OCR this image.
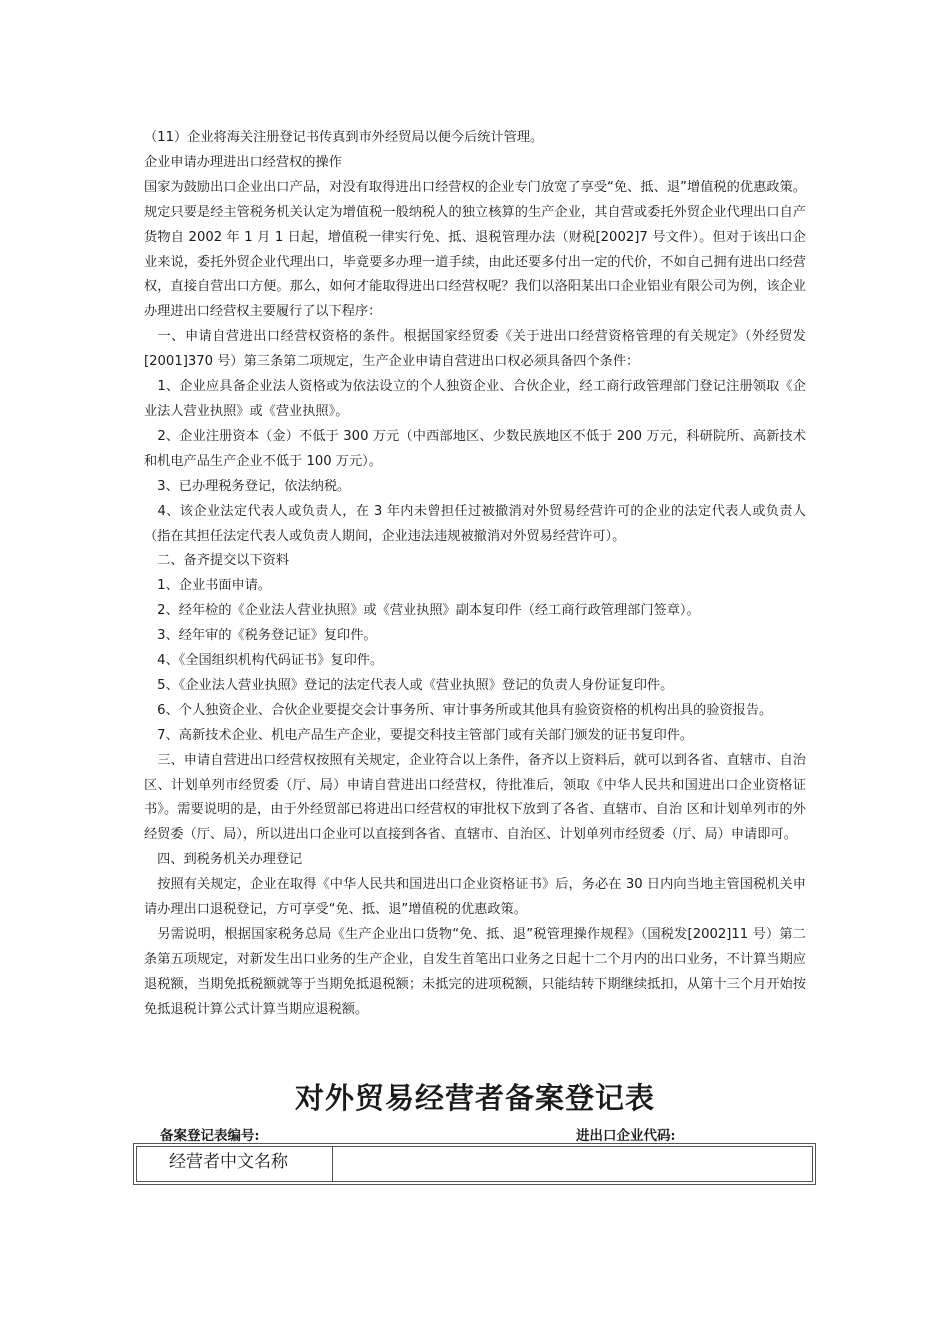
（11）企业将海关注册登记书传真到市外经贸局以便今后统计管理。

企业申请办理进出口经营权的操作

国家为鼓励出口企业出口产品，对没有取得进出口经营权的企业专门放宽了享受“免、抵、退”增值税的优惠政策。规定只要是经主管税务机关认定为增值税一般纳税人的独立核算的生产企业，其自营或委托外贸企业代理出口自产货物自 2002 年 1 月 1 日起，增值税一律实行免、抵、退税管理办法（财税[2002]7 号文件）。但对于该出口企业来说，委托外贸企业代理出口，毕竟要多办理一道手续，由此还要多付出一定的代价，不如自己拥有进出口经营权，直接自营出口方便。那么，如何才能取得进出口经营权呢？我们以洛阳某出口企业铝业有限公司为例，该企业办理进出口经营权主要履行了以下程序：

　一、申请自营进出口经营权资格的条件。根据国家经贸委《关于进出口经营资格管理的有关规定》（外经贸发[2001]370 号）第三条第二项规定，生产企业申请自营进出口权必须具备四个条件：

　1、企业应具备企业法人资格或为依法设立的个人独资企业、合伙企业，经工商行政管理部门登记注册领取《企业法人营业执照》或《营业执照》。

　2、企业注册资本（金）不低于 300 万元（中西部地区、少数民族地区不低于 200 万元，科研院所、高新技术和机电产品生产企业不低于 100 万元）。

　3、已办理税务登记，依法纳税。

　4、该企业法定代表人或负责人，在 3 年内未曾担任过被撤消对外贸易经营许可的企业的法定代表人或负责人（指在其担任法定代表人或负责人期间，企业违法违规被撤消对外贸易经营许可）。

　二、备齐提交以下资料

　1、企业书面申请。

　2、经年检的《企业法人营业执照》或《营业执照》副本复印件（经工商行政管理部门签章）。

　3、经年审的《税务登记证》复印件。

　4、《全国组织机构代码证书》复印件。

　5、《企业法人营业执照》登记的法定代表人或《营业执照》登记的负责人身份证复印件。

　6、个人独资企业、合伙企业要提交会计事务所、审计事务所或其他具有验资资格的机构出具的验资报告。

　7、高新技术企业、机电产品生产企业，要提交科技主管部门或有关部门颁发的证书复印件。

　三、申请自营进出口经营权按照有关规定，企业符合以上条件，备齐以上资料后，就可以到各省、直辖市、自治区、计划单列市经贸委（厅、局）申请自营进出口经营权，待批准后，领取《中华人民共和国进出口企业资格证书》。需要说明的是，由于外经贸部已将进出口经营权的审批权下放到了各省、直辖市、自治 区和计划单列市的外经贸委（厅、局），所以进出口企业可以直接到各省、直辖市、自治区、计划单列市经贸委（厅、局）申请即可。

　四、到税务机关办理登记

　按照有关规定，企业在取得《中华人民共和国进出口企业资格证书》后，务必在 30 日内向当地主管国税机关申请办理出口退税登记，方可享受“免、抵、退”增值税的优惠政策。

　另需说明，根据国家税务总局《生产企业出口货物“免、抵、退”税管理操作规程》（国税发[2002]11 号）第二条第五项规定，对新发生出口业务的生产企业，自发生首笔出口业务之日起十二个月内的出口业务，不计算当期应退税额，当期免抵税额就等于当期免抵退税额；未抵完的进项税额，只能结转下期继续抵扣，从第十三个月开始按免抵退税计算公式计算当期应退税额。

对外贸易经营者备案登记表
备案登记表编号:	进出口企业代码:
经营者中文名称
